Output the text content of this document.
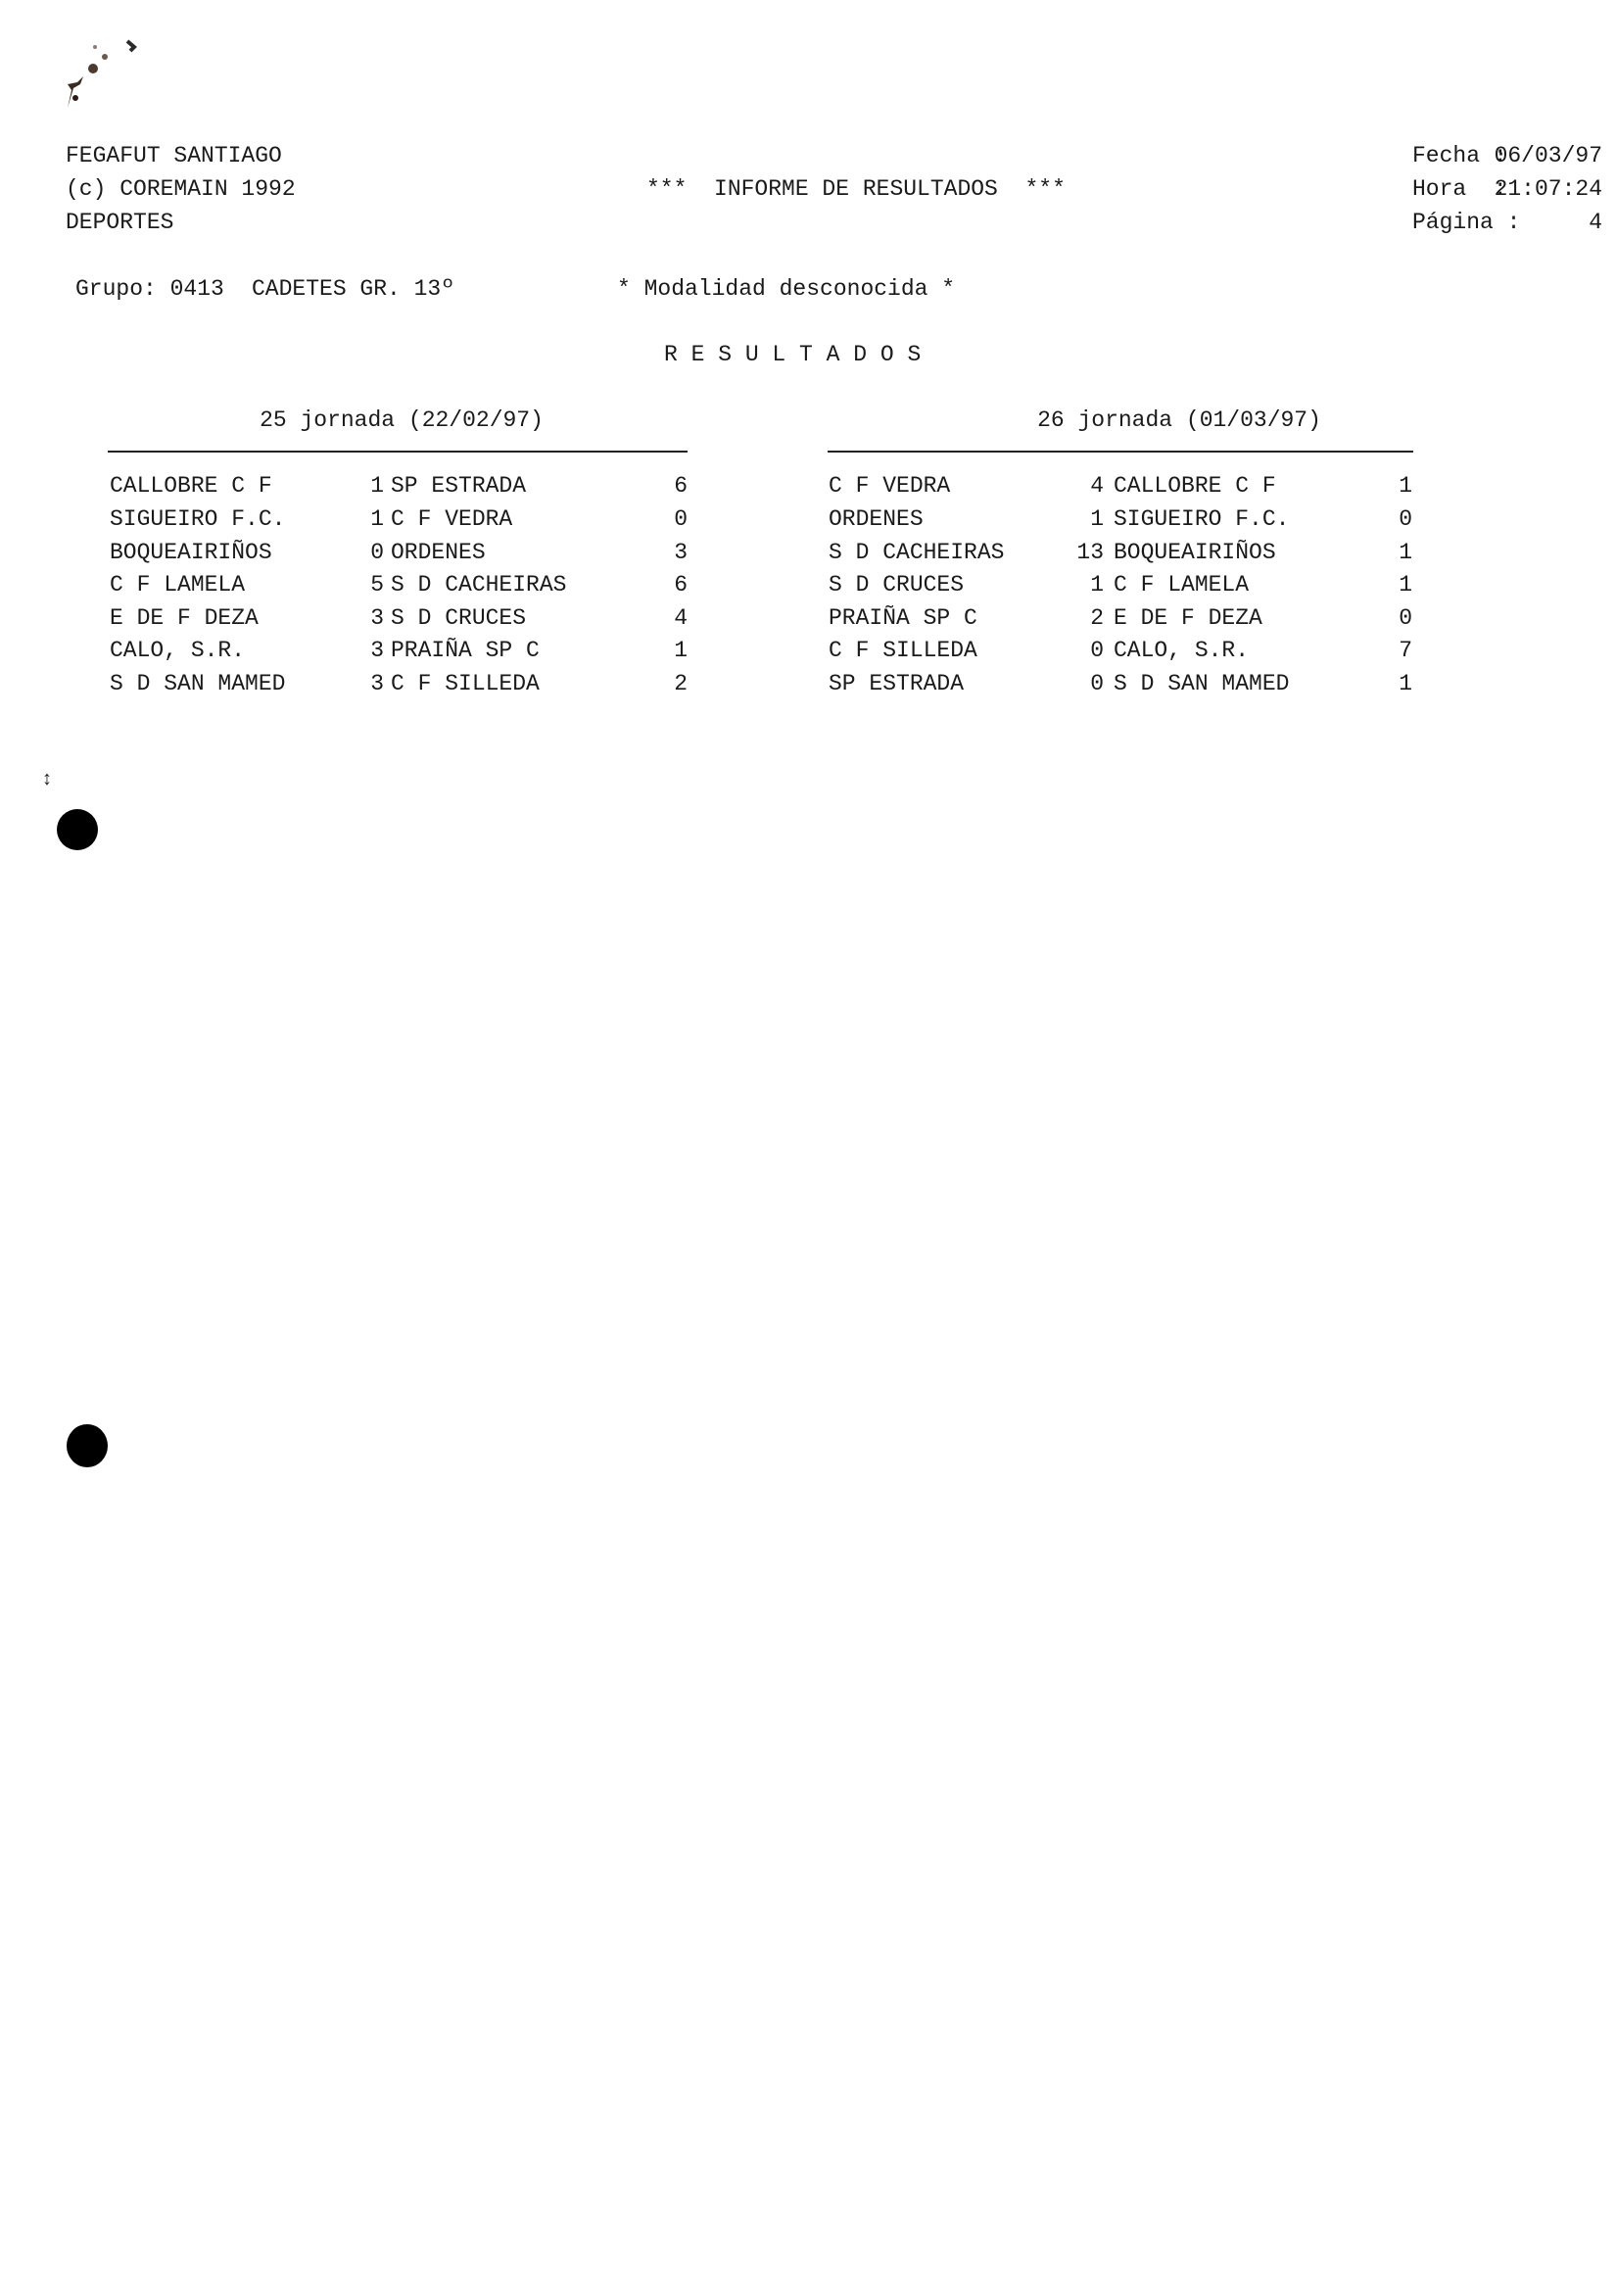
↕
FEGAFUT SANTIAGO
(c) COREMAIN 1992
DEPORTES
***  INFORME DE RESULTADOS  ***
Fecha :
06/03/97
Hora  :
21:07:24
Página :	4
Grupo: 0413 CADETES GR. 13º	* Modalidad desconocida *
R E S U L T A D O S
25 jornada (22/02/97)	26 jornada (01/03/97)
CALLOBRE C F	1 SP ESTRADA	6
SIGUEIRO F.C.	1 C F VEDRA	0
BOQUEAIRIÑOS	0 ORDENES	3
C F LAMELA	5 S D CACHEIRAS	6
E DE F DEZA	3 S D CRUCES	4
CALO, S.R.	3 PRAIÑA SP C	1
S D SAN MAMED	3 C F SILLEDA	2
C F VEDRA	4 CALLOBRE C F	1
ORDENES	1 SIGUEIRO F.C.	0
S D CACHEIRAS	13 BOQUEAIRIÑOS	1
S D CRUCES	1 C F LAMELA	1
PRAIÑA SP C	2 E DE F DEZA	0
C F SILLEDA	0 CALO, S.R.	7
SP ESTRADA	0 S D SAN MAMED	1
